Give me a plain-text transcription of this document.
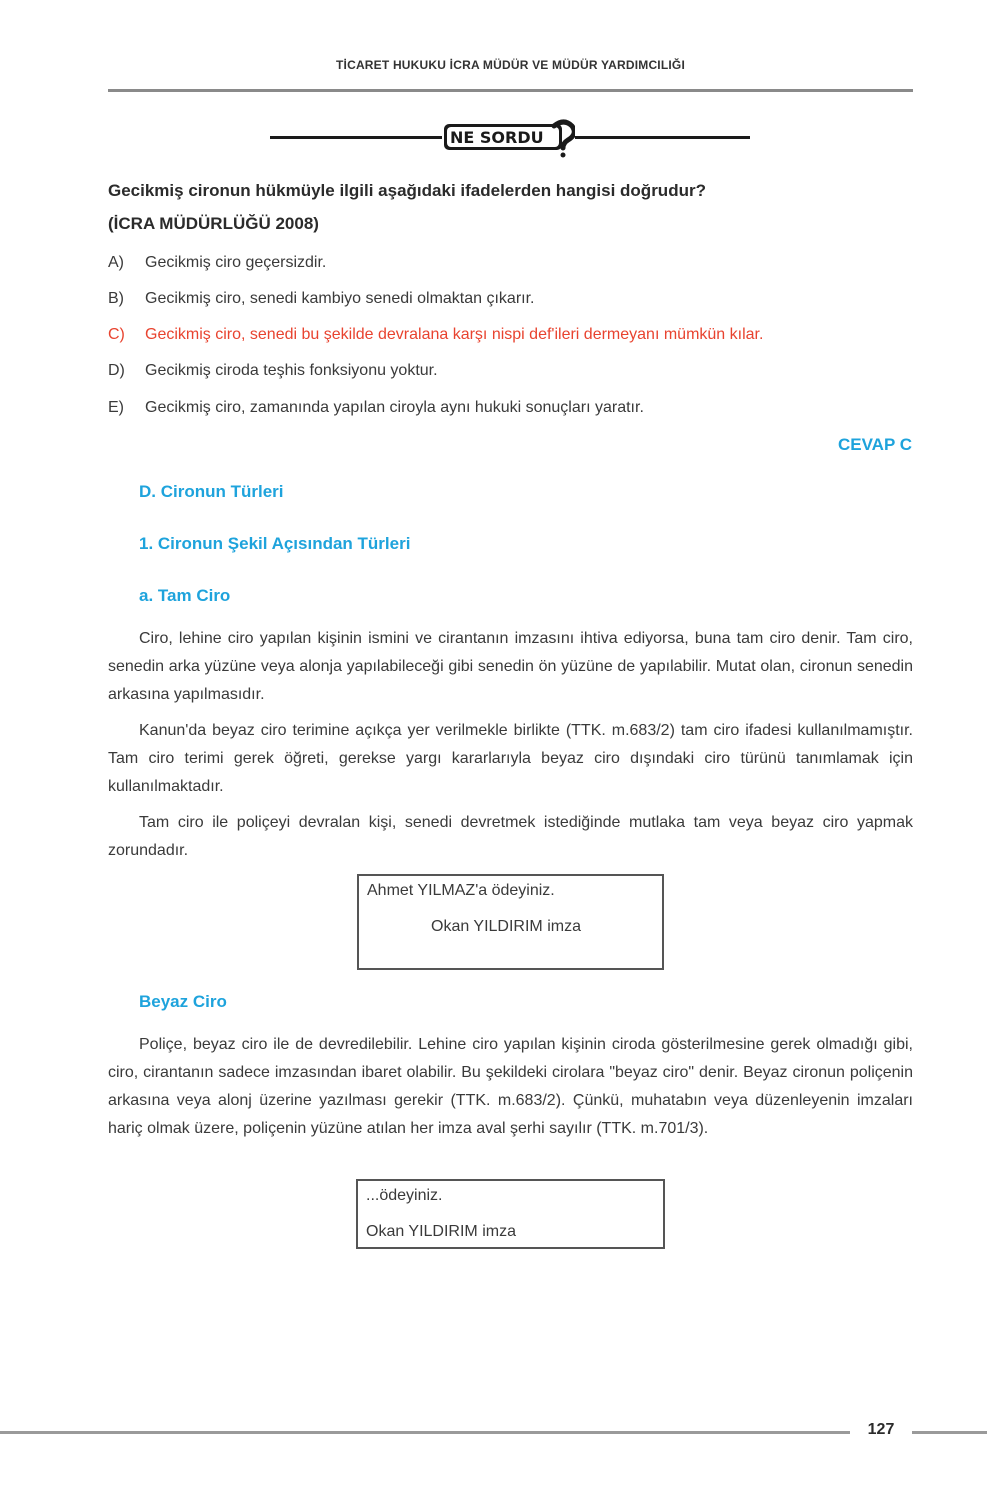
TİCARET HUKUKU İCRA MÜDÜR VE MÜDÜR YARDIMCILIĞI
NE SORDU
Gecikmiş cironun hükmüyle ilgili aşağıdaki ifadelerden hangisi doğrudur?
(İCRA MÜDÜRLÜĞÜ 2008)
A) Gecikmiş ciro geçersizdir.
B) Gecikmiş ciro, senedi kambiyo senedi olmaktan çıkarır.
C) Gecikmiş ciro, senedi bu şekilde devralana karşı nispi def'ileri dermeyanı mümkün kılar.
D) Gecikmiş ciroda teşhis fonksiyonu yoktur.
E) Gecikmiş ciro, zamanında yapılan ciroyla aynı hukuki sonuçları yaratır.
CEVAP C
D. Cironun Türleri
1. Cironun Şekil Açısından Türleri
a. Tam Ciro
Ciro, lehine ciro yapılan kişinin ismini ve cirantanın imzasını ihtiva ediyorsa, buna tam ciro denir. Tam ciro, senedin arka yüzüne veya alonja yapılabileceği gibi senedin ön yüzüne de yapılabilir. Mutat olan, cironun senedin arkasına yapılmasıdır.
Kanun'da beyaz ciro terimine açıkça yer verilmekle birlikte (TTK. m.683/2) tam ciro ifadesi kullanılmamıştır. Tam ciro terimi gerek öğreti, gerekse yargı kararlarıyla beyaz ciro dışındaki ciro türünü tanımlamak için kullanılmaktadır.
Tam ciro ile poliçeyi devralan kişi, senedi devretmek istediğinde mutlaka tam veya beyaz ciro yapmak zorundadır.
Ahmet YILMAZ'a ödeyiniz.
Okan YILDIRIM imza
Beyaz Ciro
Poliçe, beyaz ciro ile de devredilebilir. Lehine ciro yapılan kişinin ciroda gösterilmesine gerek olmadığı gibi, ciro, cirantanın sadece imzasından ibaret olabilir. Bu şekildeki cirolara "beyaz ciro" denir. Beyaz cironun poliçenin arkasına veya alonj üzerine yazılması gerekir (TTK. m.683/2). Çünkü, muhatabın veya düzenleyenin imzaları hariç olmak üzere, poliçenin yüzüne atılan her imza aval şerhi sayılır (TTK. m.701/3).
...ödeyiniz.
Okan YILDIRIM imza
127
